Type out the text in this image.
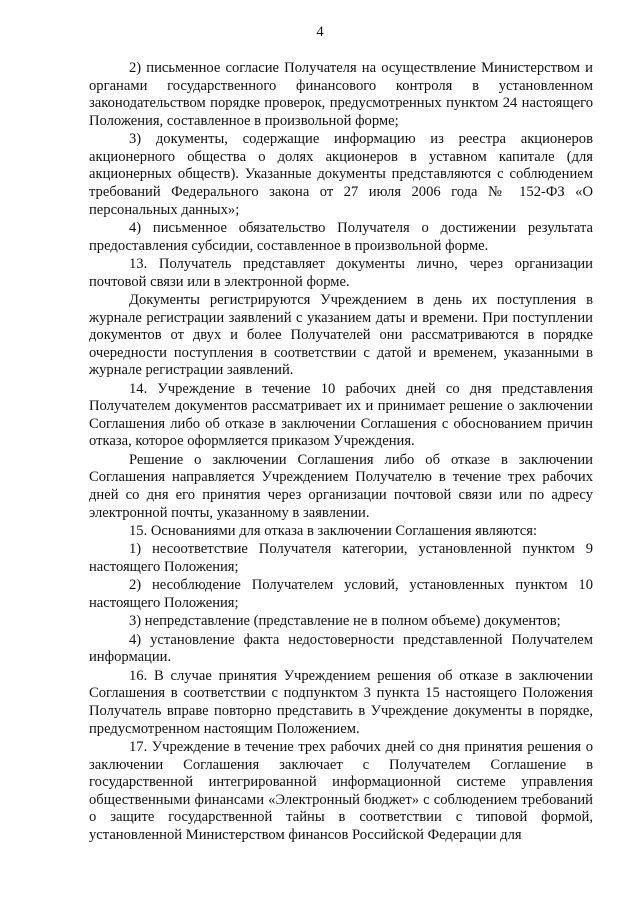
4

2) письменное согласие Получателя на осуществление Министерством и органами государственного финансового контроля в установленном законодательством порядке проверок, предусмотренных пунктом 24 настоящего Положения, составленное в произвольной форме;

3) документы, содержащие информацию из реестра акционеров акционерного общества о долях акционеров в уставном капитале (для акционерных обществ). Указанные документы представляются с соблюдением требований Федерального закона от 27 июля 2006 года № 152-ФЗ «О персональных данных»;

4) письменное обязательство Получателя о достижении результата предоставления субсидии, составленное в произвольной форме.

13. Получатель представляет документы лично, через организации почтовой связи или в электронной форме.

Документы регистрируются Учреждением в день их поступления в журнале регистрации заявлений с указанием даты и времени. При поступлении документов от двух и более Получателей они рассматриваются в порядке очередности поступления в соответствии с датой и временем, указанными в журнале регистрации заявлений.

14. Учреждение в течение 10 рабочих дней со дня представления Получателем документов рассматривает их и принимает решение о заключении Соглашения либо об отказе в заключении Соглашения с обоснованием причин отказа, которое оформляется приказом Учреждения.

Решение о заключении Соглашения либо об отказе в заключении Соглашения направляется Учреждением Получателю в течение трех рабочих дней со дня его принятия через организации почтовой связи или по адресу электронной почты, указанному в заявлении.

15. Основаниями для отказа в заключении Соглашения являются:

1) несоответствие Получателя категории, установленной пунктом 9 настоящего Положения;

2) несоблюдение Получателем условий, установленных пунктом 10 настоящего Положения;

3) непредставление (представление не в полном объеме) документов;

4) установление факта недостоверности представленной Получателем информации.

16. В случае принятия Учреждением решения об отказе в заключении Соглашения в соответствии с подпунктом 3 пункта 15 настоящего Положения Получатель вправе повторно представить в Учреждение документы в порядке, предусмотренном настоящим Положением.

17. Учреждение в течение трех рабочих дней со дня принятия решения о заключении Соглашения заключает с Получателем Соглашение в государственной интегрированной информационной системе управления общественными финансами «Электронный бюджет» с соблюдением требований о защите государственной тайны в соответствии с типовой формой, установленной Министерством финансов Российской Федерации для
